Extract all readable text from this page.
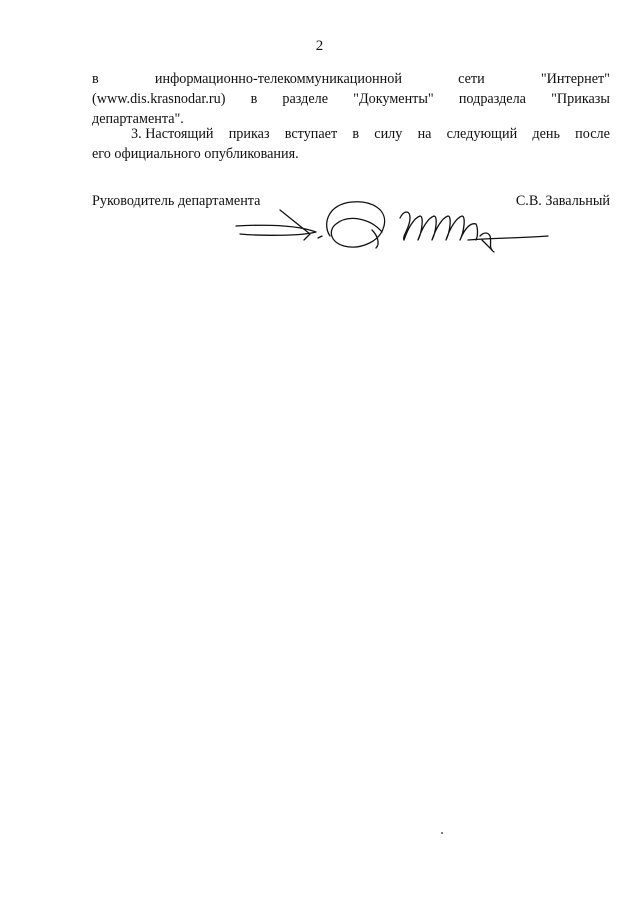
2
в	информационно-телекоммуникационной	сети	"Интернет"
(www.dis.krasnodar.ru) в разделе "Документы" подраздела "Приказы
департамента".
3. Настоящий приказ вступает в силу на следующий день после
его официального опубликования.
Руководитель департамента	С.В. Завальный
